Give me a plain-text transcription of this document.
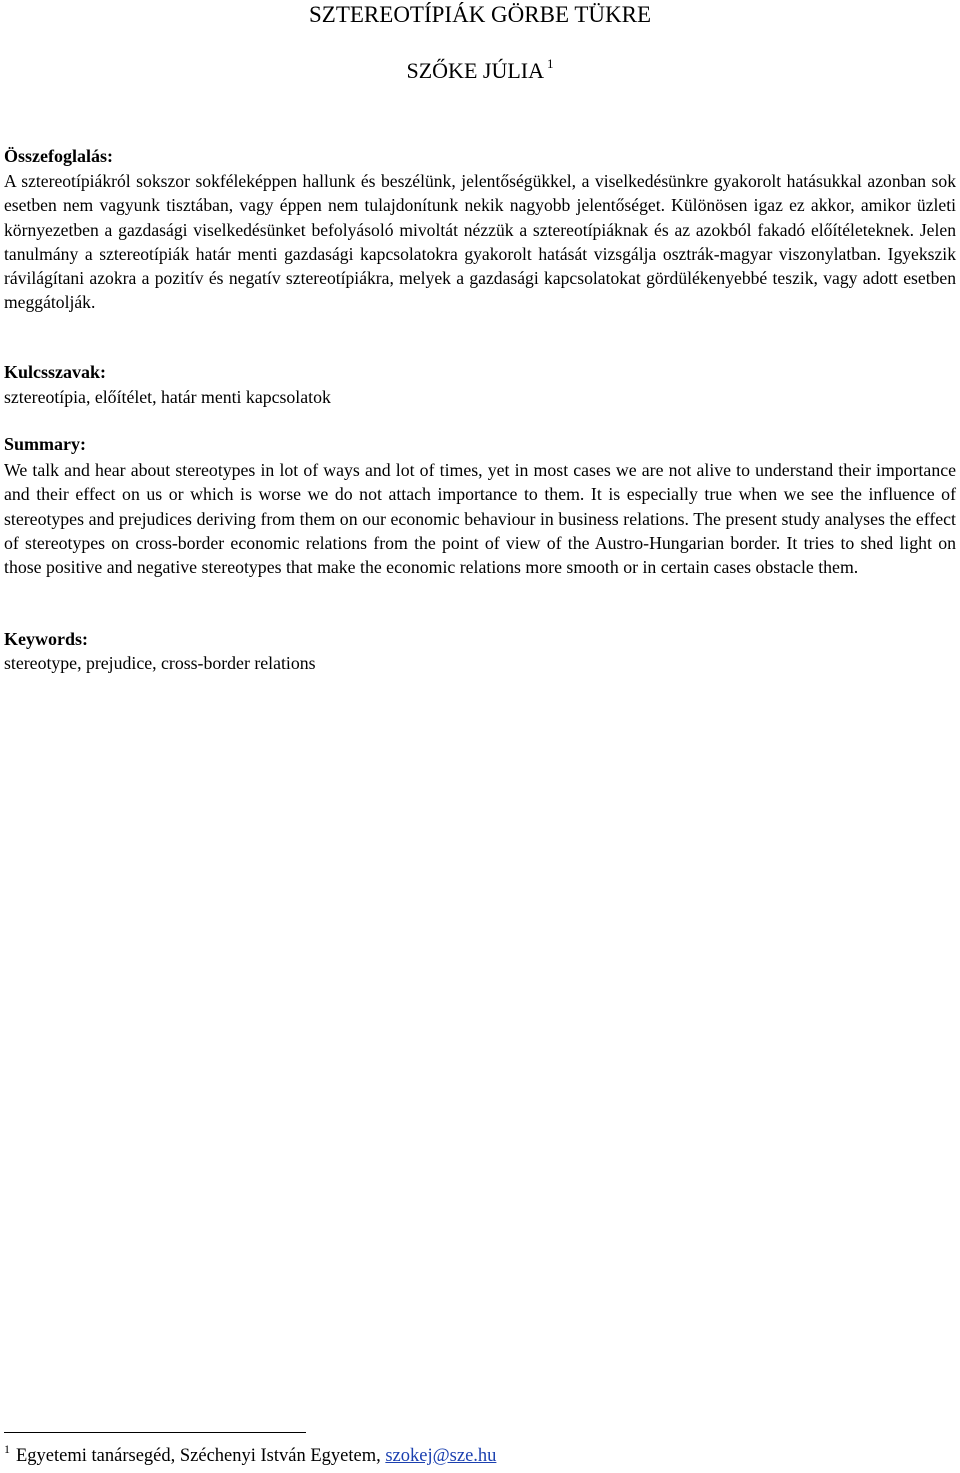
SZTEREOTÍPIÁK GÖRBE TÜKRE

SZŐKE JÚLIA $^1$

Összefoglalás:

A sztereotípiákról sokszor sokféleképpen hallunk és beszélünk, jelentőségükkel, a viselkedésünkre gyakorolt hatásukkal azonban sok esetben nem vagyunk tisztában, vagy éppen nem tulajdonítunk nekik nagyobb jelentőséget. Különösen igaz ez akkor, amikor üzleti környezetben a gazdasági viselkedésünket befolyásoló mivoltát nézzük a sztereotípiáknak és az azokból fakadó előítéleteknek. Jelen tanulmány a sztereotípiák határ menti gazdasági kapcsolatokra gyakorolt hatását vizsgálja osztrák-magyar viszonylatban. Igyekszik rávilágítani azokra a pozitív és negatív sztereotípiákra, melyek a gazdasági kapcsolatokat gördülékenyebbé teszik, vagy adott esetben meggátolják.

Kulcsszavak:

sztereotípia, előítélet, határ menti kapcsolatok

Summary:

We talk and hear about stereotypes in lot of ways and lot of times, yet in most cases we are not alive to understand their importance and their effect on us or which is worse we do not attach importance to them. It is especially true when we see the influence of stereotypes and prejudices deriving from them on our economic behaviour in business relations. The present study analyses the effect of stereotypes on cross-border economic relations from the point of view of the Austro-Hungarian border. It tries to shed light on those positive and negative stereotypes that make the economic relations more smooth or in certain cases obstacle them.

Keywords:

stereotype, prejudice, cross-border relations

$^1$ Egyetemi tanársegéd, Széchenyi István Egyetem, szokej@sze.hu
